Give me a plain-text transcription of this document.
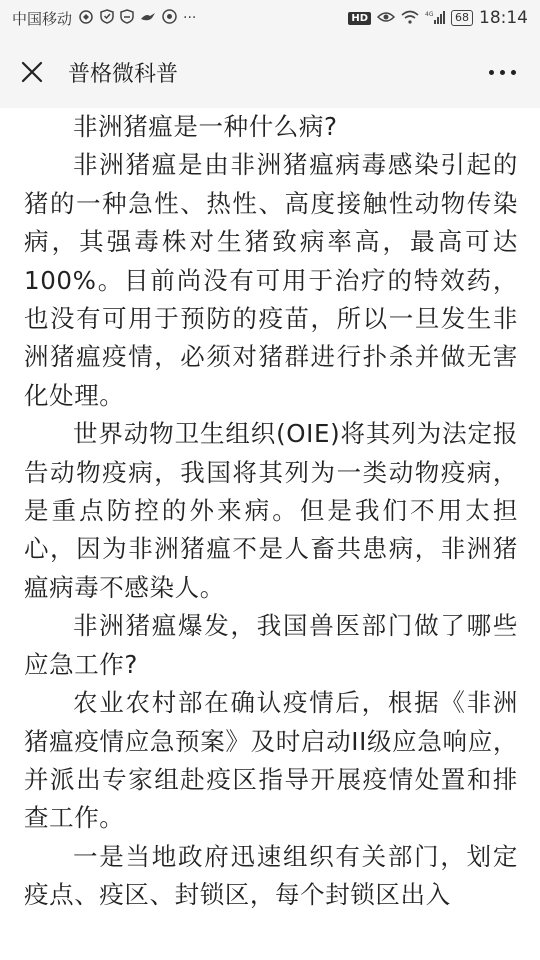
中国移动	···	HD	4G	68 18:14
普格微科普

非洲猪瘟是一种什么病?

非洲猪瘟是由非洲猪瘟病毒感染引起的猪的一种急性、热性、高度接触性动物传染病，其强毒株对生猪致病率高，最高可达100%。目前尚没有可用于治疗的特效药，也没有可用于预防的疫苗，所以一旦发生非洲猪瘟疫情，必须对猪群进行扑杀并做无害化处理。

世界动物卫生组织(OIE)将其列为法定报告动物疫病，我国将其列为一类动物疫病，是重点防控的外来病。但是我们不用太担心，因为非洲猪瘟不是人畜共患病，非洲猪瘟病毒不感染人。

非洲猪瘟爆发，我国兽医部门做了哪些应急工作?

农业农村部在确认疫情后，根据《非洲猪瘟疫情应急预案》及时启动II级应急响应，并派出专家组赴疫区指导开展疫情处置和排查工作。

一是当地政府迅速组织有关部门，划定疫点、疫区、封锁区，每个封锁区出入
